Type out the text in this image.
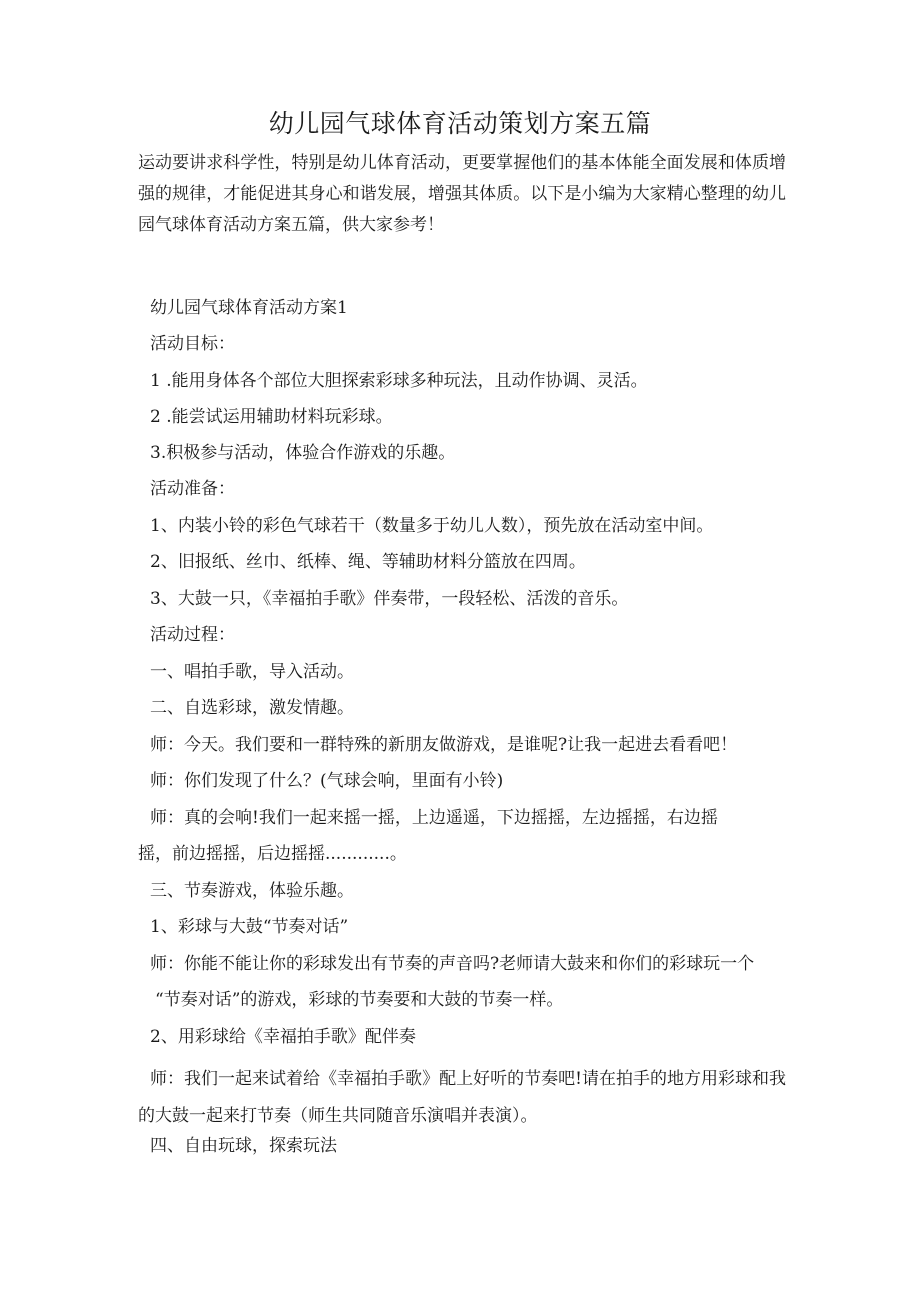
幼儿园气球体育活动策划方案五篇

运动要讲求科学性，特别是幼儿体育活动，更要掌握他们的基本体能全面发展和体质增强的规律，才能促进其身心和谐发展，增强其体质。以下是小编为大家精心整理的幼儿园气球体育活动方案五篇，供大家参考！

幼儿园气球体育活动方案1

活动目标：

1 .能用身体各个部位大胆探索彩球多种玩法，且动作协调、灵活。

2 .能尝试运用辅助材料玩彩球。

3.积极参与活动，体验合作游戏的乐趣。

活动准备：

1、内装小铃的彩色气球若干（数量多于幼儿人数），预先放在活动室中间。

2、旧报纸、丝巾、纸棒、绳、等辅助材料分篮放在四周。

3、大鼓一只，《幸福拍手歌》伴奏带，一段轻松、活泼的音乐。

活动过程：

一、唱拍手歌，导入活动。

二、自选彩球，激发情趣。

师：今天。我们要和一群特殊的新朋友做游戏，是谁呢?让我一起进去看看吧！

师：你们发现了什么？(气球会响，里面有小铃)

师：真的会响!我们一起来摇一摇，上边遥遥，下边摇摇，左边摇摇，右边摇

摇，前边摇摇，后边摇摇............。

三、节奏游戏，体验乐趣。

1、彩球与大鼓“节奏对话”

师：你能不能让你的彩球发出有节奏的声音吗?老师请大鼓来和你们的彩球玩一个

“节奏对话”的游戏，彩球的节奏要和大鼓的节奏一样。

2、用彩球给《幸福拍手歌》配伴奏

师：我们一起来试着给《幸福拍手歌》配上好听的节奏吧!请在拍手的地方用彩球和我的大鼓一起来打节奏（师生共同随音乐演唱并表演）。

四、自由玩球，探索玩法
